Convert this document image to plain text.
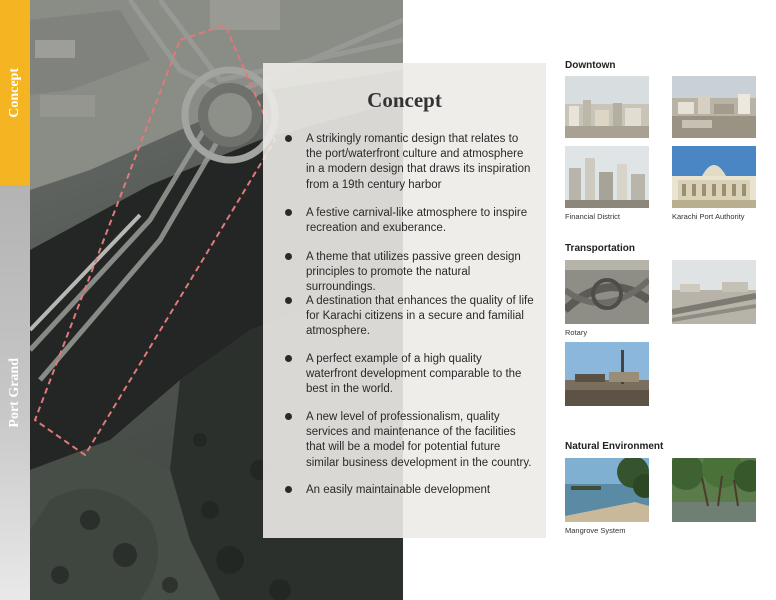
Concept
Port Grand
Concept
A strikingly romantic design that relates to the port/waterfront culture and atmosphere in a modern design that draws its inspiration from a 19th century harbor
A festive carnival-like atmosphere to inspire recreation and exuberance.
A theme that utilizes passive green design principles to promote the natural surroundings.
A destination that enhances the quality of life for Karachi citizens in a secure and familial atmosphere.
A perfect example of a high quality waterfront development comparable to the best in the world.
A new level of professionalism, quality services and maintenance of the facilities that will be a model for potential future similar business development in the country.
An easily maintainable development
Downtown
Financial District	Karachi Port Authority
Transportation
Rotary
Natural Environment
Mangrove System
